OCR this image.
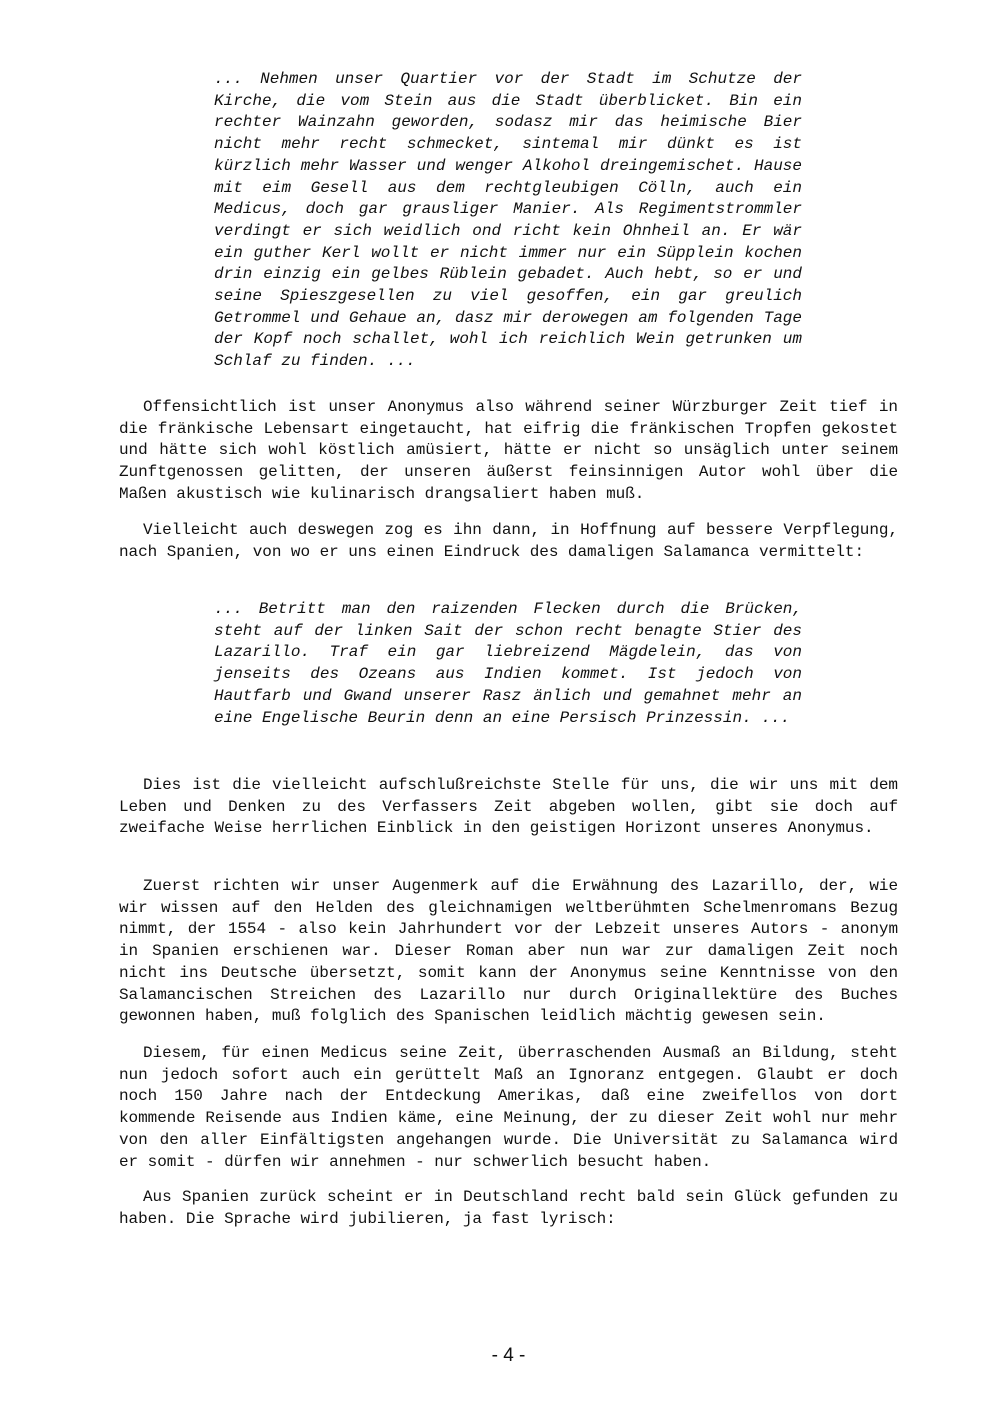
... Nehmen unser Quartier vor der Stadt im Schutze der Kirche, die vom Stein aus die Stadt überblicket. Bin ein rechter Wainzahn geworden, sodasz mir das heimische Bier nicht mehr recht schmecket, sintemal mir dünkt es ist kürzlich mehr Wasser und wenger Alkohol dreingemischet. Hause mit eim Gesell aus dem rechtgleubigen Cölln, auch ein Medicus, doch gar grausliger Manier. Als Regimentstrommler verdingt er sich weidlich ond richt kein Ohnheil an. Er wär ein guther Kerl wollt er nicht immer nur ein Süpplein kochen drin einzig ein gelbes Rüblein gebadet. Auch hebt, so er und seine Spieszgesellen zu viel gesoffen, ein gar greulich Getrommel und Gehaue an, dasz mir derowegen am folgenden Tage der Kopf noch schallet, wohl ich reichlich Wein getrunken um Schlaf zu finden. ...

Offensichtlich ist unser Anonymus also während seiner Würzburger Zeit tief in die fränkische Lebensart eingetaucht, hat eifrig die fränkischen Tropfen gekostet und hätte sich wohl köstlich amüsiert, hätte er nicht so unsäglich unter seinem Zunftgenossen gelitten, der unseren äußerst feinsinnigen Autor wohl über die Maßen akustisch wie kulinarisch drangsaliert haben muß.

Vielleicht auch deswegen zog es ihn dann, in Hoffnung auf bessere Verpflegung, nach Spanien, von wo er uns einen Eindruck des damaligen Salamanca vermittelt:

... Betritt man den raizenden Flecken durch die Brücken, steht auf der linken Sait der schon recht benagte Stier des Lazarillo. Traf ein gar liebreizend Mägdelein, das von jenseits des Ozeans aus Indien kommet. Ist jedoch von Hautfarb und Gwand unserer Rasz änlich und gemahnet mehr an eine Engelische Beurin denn an eine Persisch Prinzessin. ...

Dies ist die vielleicht aufschlußreichste Stelle für uns, die wir uns mit dem Leben und Denken zu des Verfassers Zeit abgeben wollen, gibt sie doch auf zweifache Weise herrlichen Einblick in den geistigen Horizont unseres Anonymus.

Zuerst richten wir unser Augenmerk auf die Erwähnung des Lazarillo, der, wie wir wissen auf den Helden des gleichnamigen weltberühmten Schelmenromans Bezug nimmt, der 1554 - also kein Jahrhundert vor der Lebzeit unseres Autors - anonym in Spanien erschienen war. Dieser Roman aber nun war zur damaligen Zeit noch nicht ins Deutsche übersetzt, somit kann der Anonymus seine Kenntnisse von den Salamancischen Streichen des Lazarillo nur durch Originallektüre des Buches gewonnen haben, muß folglich des Spanischen leidlich mächtig gewesen sein.

Diesem, für einen Medicus seine Zeit, überraschenden Ausmaß an Bildung, steht nun jedoch sofort auch ein gerüttelt Maß an Ignoranz entgegen. Glaubt er doch noch 150 Jahre nach der Entdeckung Amerikas, daß eine zweifellos von dort kommende Reisende aus Indien käme, eine Meinung, der zu dieser Zeit wohl nur mehr von den aller Einfältigsten angehangen wurde. Die Universität zu Salamanca wird er somit - dürfen wir annehmen - nur schwerlich besucht haben.

Aus Spanien zurück scheint er in Deutschland recht bald sein Glück gefunden zu haben. Die Sprache wird jubilieren, ja fast lyrisch:

- 4 -
